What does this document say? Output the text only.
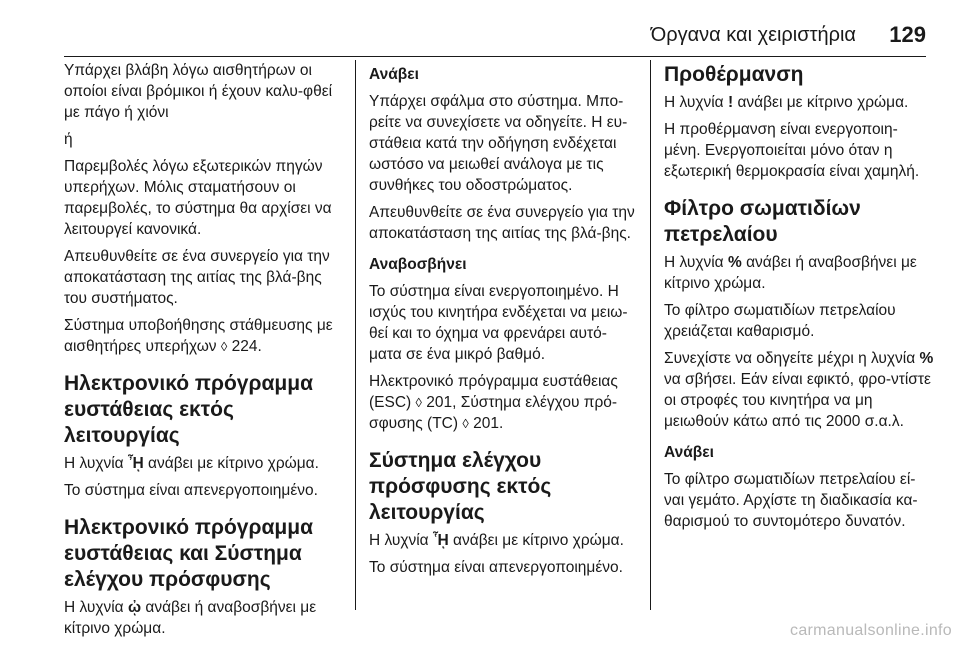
Όργανα και χειριστήρια 129

Υπάρχει βλάβη λόγω αισθητήρων οι οποίοι είναι βρόμικοι ή έχουν καλυ-φθεί με πάγο ή χιόνι

ή

Παρεμβολές λόγω εξωτερικών πηγών υπερήχων. Μόλις σταματήσουν οι παρεμβολές, το σύστημα θα αρχίσει να λειτουργεί κανονικά.

Απευθυνθείτε σε ένα συνεργείο για την αποκατάσταση της αιτίας της βλά-βης του συστήματος.

Σύστημα υποβοήθησης στάθμευσης με αισθητήρες υπερήχων ◊ 224.

Ηλεκτρονικό πρόγραμμα
ευστάθειας εκτός
λειτουργίας

Η λυχνία ᾞ ανάβει με κίτρινο χρώμα.

Το σύστημα είναι απενεργοποιημένο.

Ηλεκτρονικό πρόγραμμα
ευστάθειας και Σύστημα
ελέγχου πρόσφυσης

Η λυχνία ᾠ ανάβει ή αναβοσβήνει με κίτρινο χρώμα.

Ανάβει

Υπάρχει σφάλμα στο σύστημα. Μπο-ρείτε να συνεχίσετε να οδηγείτε. Η ευ-στάθεια κατά την οδήγηση ενδέχεται ωστόσο να μειωθεί ανάλογα με τις συνθήκες του οδοστρώματος.

Απευθυνθείτε σε ένα συνεργείο για την αποκατάσταση της αιτίας της βλά-βης.

Αναβοσβήνει

Το σύστημα είναι ενεργοποιημένο. Η ισχύς του κινητήρα ενδέχεται να μειω-θεί και το όχημα να φρενάρει αυτό-ματα σε ένα μικρό βαθμό.

Ηλεκτρονικό πρόγραμμα ευστάθειας (ESC) ◊ 201, Σύστημα ελέγχου πρό-σφυσης (TC) ◊ 201.

Σύστημα ελέγχου
πρόσφυσης εκτός
λειτουργίας

Η λυχνία ᾟ ανάβει με κίτρινο χρώμα.

Το σύστημα είναι απενεργοποιημένο.

Προθέρμανση

Η λυχνία ! ανάβει με κίτρινο χρώμα.

Η προθέρμανση είναι ενεργοποιη-μένη. Ενεργοποιείται μόνο όταν η εξωτερική θερμοκρασία είναι χαμηλή.

Φίλτρο σωματιδίων
πετρελαίου

Η λυχνία % ανάβει ή αναβοσβήνει με κίτρινο χρώμα.

Το φίλτρο σωματιδίων πετρελαίου χρειάζεται καθαρισμό.

Συνεχίστε να οδηγείτε μέχρι η λυχνία % να σβήσει. Εάν είναι εφικτό, φρο-ντίστε οι στροφές του κινητήρα να μη μειωθούν κάτω από τις 2000 σ.α.λ.

Ανάβει

Το φίλτρο σωματιδίων πετρελαίου εί-ναι γεμάτο. Αρχίστε τη διαδικασία κα-θαρισμού το συντομότερο δυνατόν.

carmanualsonline.info
